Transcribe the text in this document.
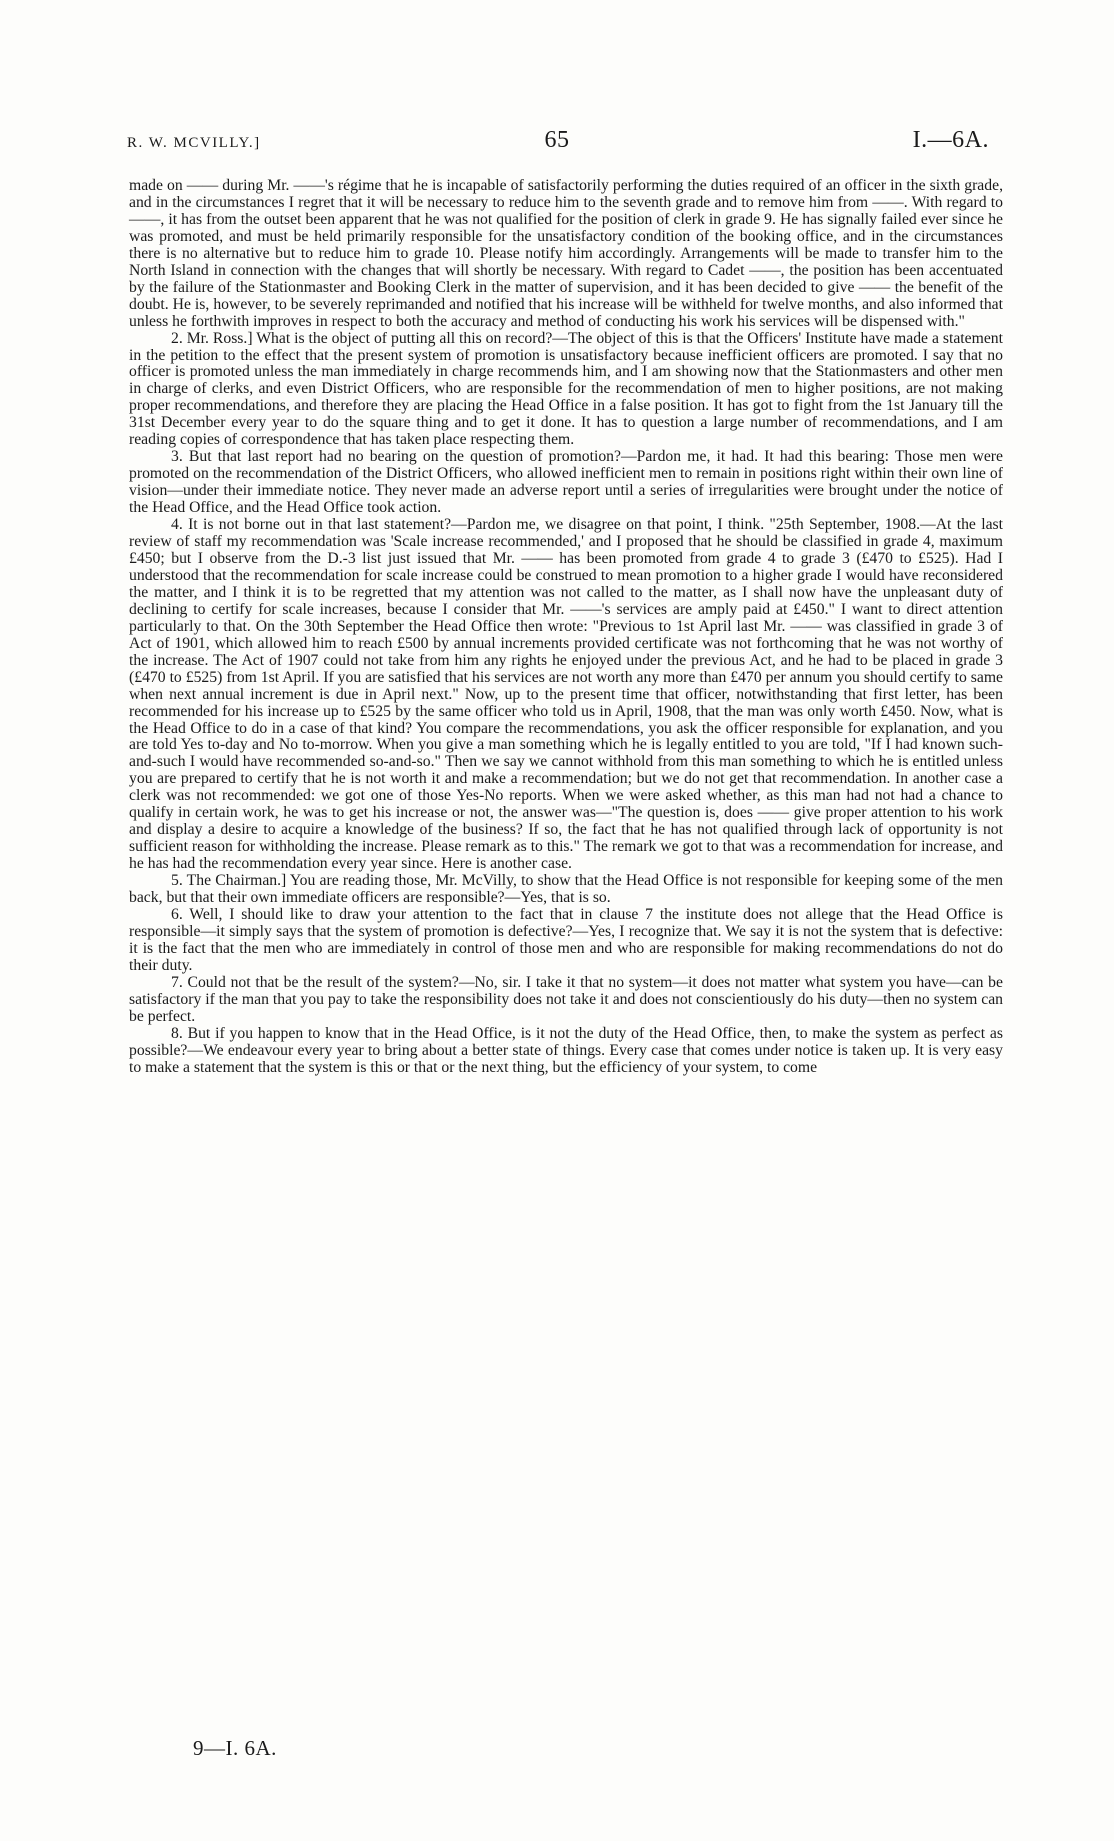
R. W. MCVILLY.]	65	I.—6A.

made on —— during Mr. ——'s régime that he is incapable of satisfactorily performing the duties required of an officer in the sixth grade, and in the circumstances I regret that it will be necessary to reduce him to the seventh grade and to remove him from ——. With regard to ——, it has from the outset been apparent that he was not qualified for the position of clerk in grade 9. He has signally failed ever since he was promoted, and must be held primarily responsible for the unsatisfactory condition of the booking office, and in the circumstances there is no alternative but to reduce him to grade 10. Please notify him accordingly. Arrangements will be made to transfer him to the North Island in connection with the changes that will shortly be necessary. With regard to Cadet ——, the position has been accentuated by the failure of the Stationmaster and Booking Clerk in the matter of supervision, and it has been decided to give —— the benefit of the doubt. He is, however, to be severely reprimanded and notified that his increase will be withheld for twelve months, and also informed that unless he forthwith improves in respect to both the accuracy and method of conducting his work his services will be dispensed with."

2. Mr. Ross.] What is the object of putting all this on record?—The object of this is that the Officers' Institute have made a statement in the petition to the effect that the present system of promotion is unsatisfactory because inefficient officers are promoted. I say that no officer is promoted unless the man immediately in charge recommends him, and I am showing now that the Stationmasters and other men in charge of clerks, and even District Officers, who are responsible for the recommendation of men to higher positions, are not making proper recommendations, and therefore they are placing the Head Office in a false position. It has got to fight from the 1st January till the 31st December every year to do the square thing and to get it done. It has to question a large number of recommendations, and I am reading copies of correspondence that has taken place respecting them.

3. But that last report had no bearing on the question of promotion?—Pardon me, it had. It had this bearing: Those men were promoted on the recommendation of the District Officers, who allowed inefficient men to remain in positions right within their own line of vision—under their immediate notice. They never made an adverse report until a series of irregularities were brought under the notice of the Head Office, and the Head Office took action.

4. It is not borne out in that last statement?—Pardon me, we disagree on that point, I think. "25th September, 1908.—At the last review of staff my recommendation was 'Scale increase recommended,' and I proposed that he should be classified in grade 4, maximum £450; but I observe from the D.-3 list just issued that Mr. —— has been promoted from grade 4 to grade 3 (£470 to £525). Had I understood that the recommendation for scale increase could be construed to mean promotion to a higher grade I would have reconsidered the matter, and I think it is to be regretted that my attention was not called to the matter, as I shall now have the unpleasant duty of declining to certify for scale increases, because I consider that Mr. ——'s services are amply paid at £450." I want to direct attention particularly to that. On the 30th September the Head Office then wrote: "Previous to 1st April last Mr. —— was classified in grade 3 of Act of 1901, which allowed him to reach £500 by annual increments provided certificate was not forthcoming that he was not worthy of the increase. The Act of 1907 could not take from him any rights he enjoyed under the previous Act, and he had to be placed in grade 3 (£470 to £525) from 1st April. If you are satisfied that his services are not worth any more than £470 per annum you should certify to same when next annual increment is due in April next." Now, up to the present time that officer, notwithstanding that first letter, has been recommended for his increase up to £525 by the same officer who told us in April, 1908, that the man was only worth £450. Now, what is the Head Office to do in a case of that kind? You compare the recommendations, you ask the officer responsible for explanation, and you are told Yes to-day and No to-morrow. When you give a man something which he is legally entitled to you are told, "If I had known such-and-such I would have recommended so-and-so." Then we say we cannot withhold from this man something to which he is entitled unless you are prepared to certify that he is not worth it and make a recommendation; but we do not get that recommendation. In another case a clerk was not recommended: we got one of those Yes-No reports. When we were asked whether, as this man had not had a chance to qualify in certain work, he was to get his increase or not, the answer was—"The question is, does —— give proper attention to his work and display a desire to acquire a knowledge of the business? If so, the fact that he has not qualified through lack of opportunity is not sufficient reason for withholding the increase. Please remark as to this." The remark we got to that was a recommendation for increase, and he has had the recommendation every year since. Here is another case.

5. The Chairman.] You are reading those, Mr. McVilly, to show that the Head Office is not responsible for keeping some of the men back, but that their own immediate officers are responsible?—Yes, that is so.

6. Well, I should like to draw your attention to the fact that in clause 7 the institute does not allege that the Head Office is responsible—it simply says that the system of promotion is defective?—Yes, I recognize that. We say it is not the system that is defective: it is the fact that the men who are immediately in control of those men and who are responsible for making recommendations do not do their duty.

7. Could not that be the result of the system?—No, sir. I take it that no system—it does not matter what system you have—can be satisfactory if the man that you pay to take the responsibility does not take it and does not conscientiously do his duty—then no system can be perfect.

8. But if you happen to know that in the Head Office, is it not the duty of the Head Office, then, to make the system as perfect as possible?—We endeavour every year to bring about a better state of things. Every case that comes under notice is taken up. It is very easy to make a statement that the system is this or that or the next thing, but the efficiency of your system, to come

9—I. 6A.
